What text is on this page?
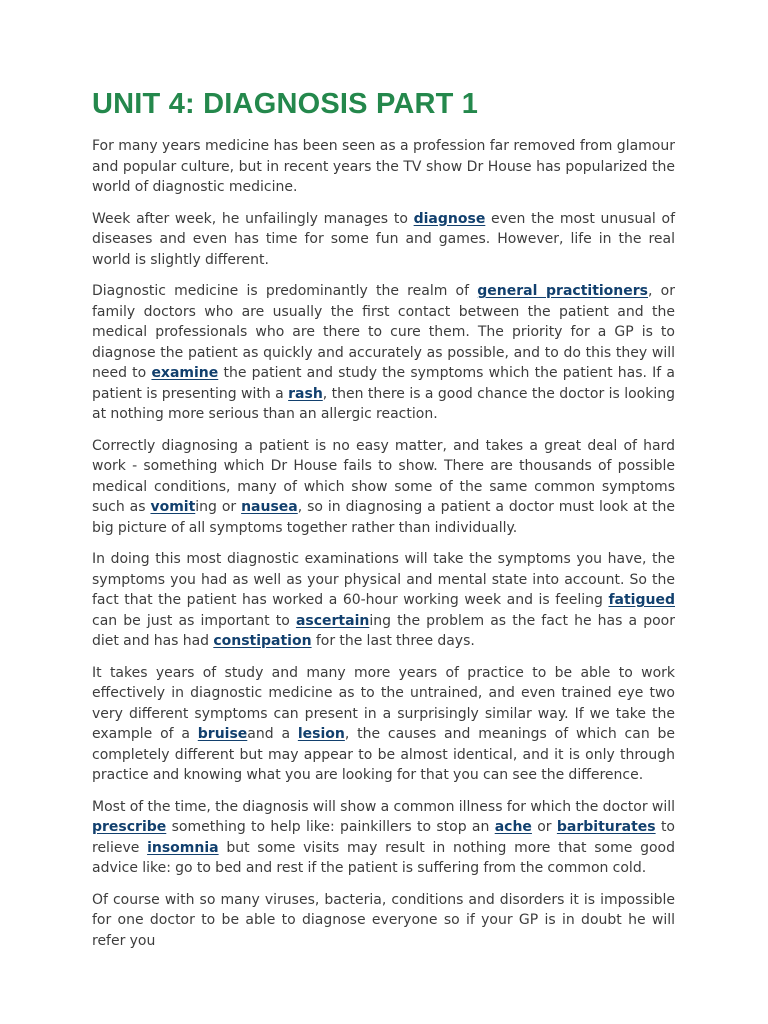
UNIT 4: DIAGNOSIS PART 1

For many years medicine has been seen as a profession far removed from glamour and popular culture, but in recent years the TV show Dr House has popularized the world of diagnostic medicine.

Week after week, he unfailingly manages to diagnose even the most unusual of diseases and even has time for some fun and games. However, life in the real world is slightly different.

Diagnostic medicine is predominantly the realm of general practitioners, or family doctors who are usually the first contact between the patient and the medical professionals who are there to cure them. The priority for a GP is to diagnose the patient as quickly and accurately as possible, and to do this they will need to examine the patient and study the symptoms which the patient has. If a patient is presenting with a rash, then there is a good chance the doctor is looking at nothing more serious than an allergic reaction.

Correctly diagnosing a patient is no easy matter, and takes a great deal of hard work - something which Dr House fails to show. There are thousands of possible medical conditions, many of which show some of the same common symptoms such as vomiting or nausea, so in diagnosing a patient a doctor must look at the big picture of all symptoms together rather than individually.

In doing this most diagnostic examinations will take the symptoms you have, the symptoms you had as well as your physical and mental state into account. So the fact that the patient has worked a 60-hour working week and is feeling fatigued can be just as important to ascertaining the problem as the fact he has a poor diet and has had constipation for the last three days.

It takes years of study and many more years of practice to be able to work effectively in diagnostic medicine as to the untrained, and even trained eye two very different symptoms can present in a surprisingly similar way. If we take the example of a bruiseand a lesion, the causes and meanings of which can be completely different but may appear to be almost identical, and it is only through practice and knowing what you are looking for that you can see the difference.

Most of the time, the diagnosis will show a common illness for which the doctor will prescribe something to help like: painkillers to stop an ache or barbiturates to relieve insomnia but some visits may result in nothing more that some good advice like: go to bed and rest if the patient is suffering from the common cold.

Of course with so many viruses, bacteria, conditions and disorders it is impossible for one doctor to be able to diagnose everyone so if your GP is in doubt he will refer you
